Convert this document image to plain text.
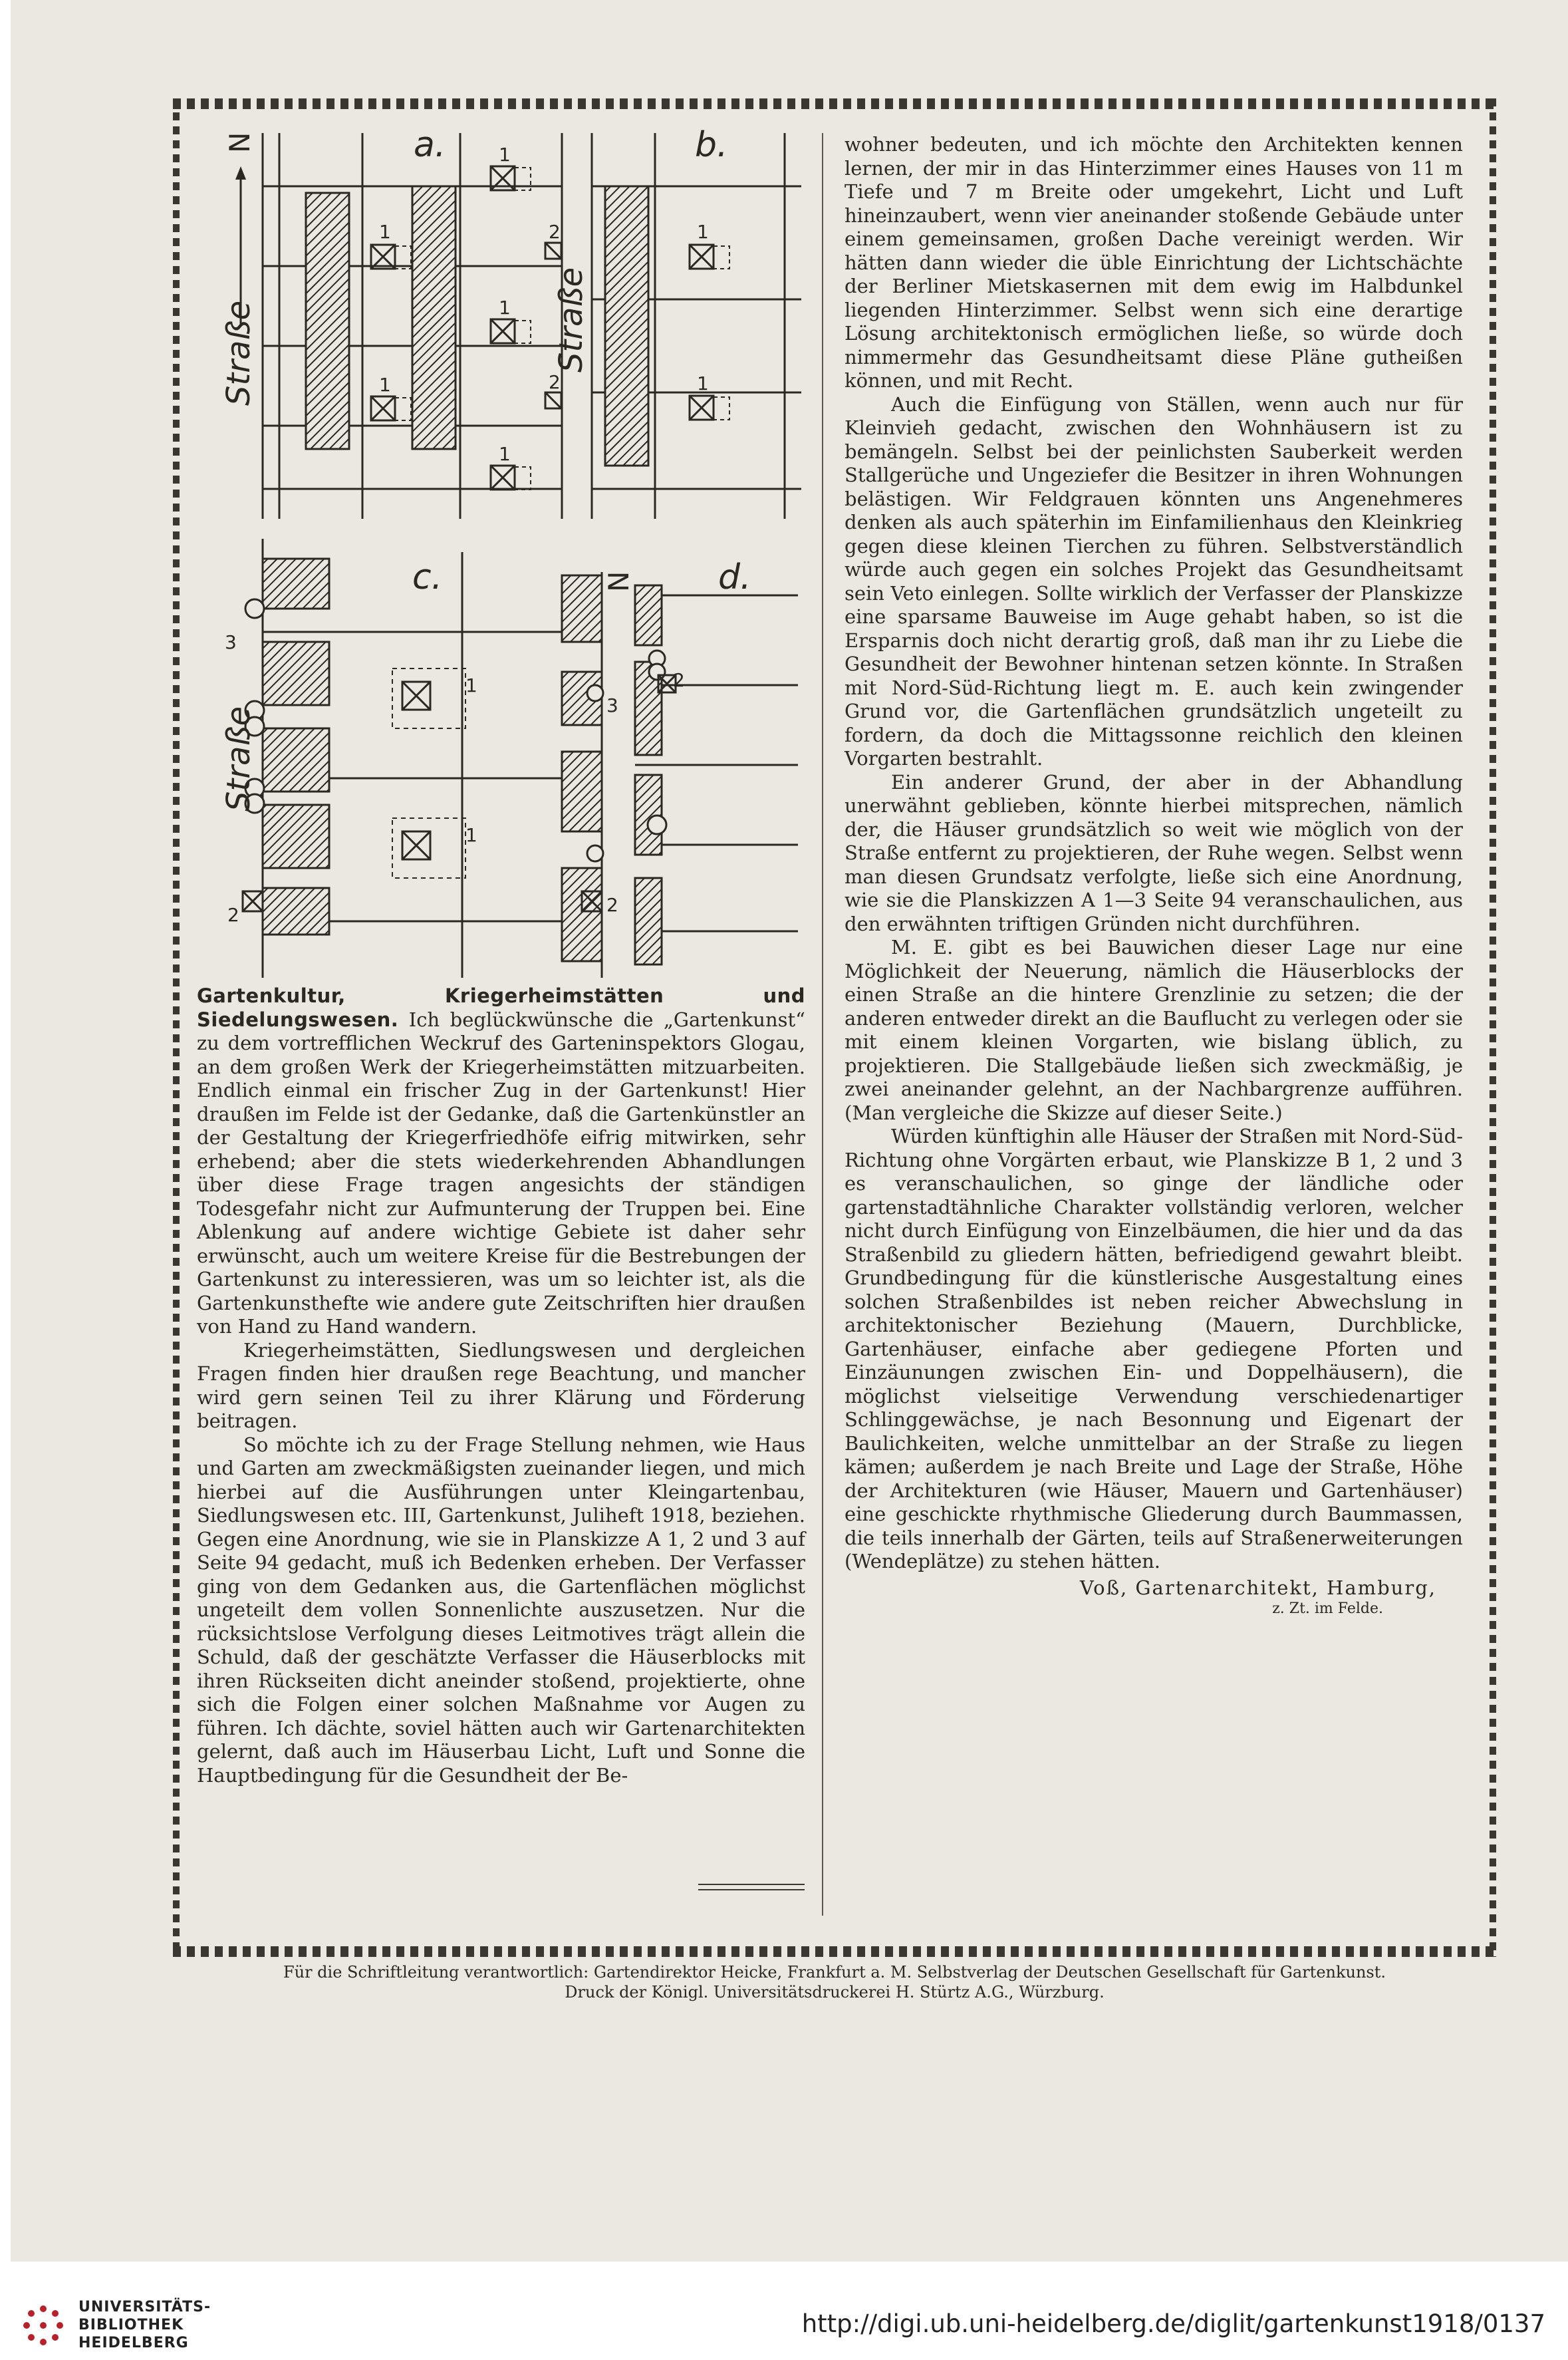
a.	b.
1
1
1
1
1
1
1
2
2
Straße	Straße
N
c.	d.
1
1
2	2
2
3
3
Straße
N

Gartenkultur, Kriegerheimstätten und Siedelungswesen. Ich beglückwünsche die „Gartenkunst“ zu dem vortrefflichen Weckruf des Garteninspektors Glogau, an dem großen Werk der Kriegerheimstätten mitzuarbeiten. Endlich einmal ein frischer Zug in der Gartenkunst! Hier draußen im Felde ist der Gedanke, daß die Gartenkünstler an der Gestaltung der Kriegerfriedhöfe eifrig mitwirken, sehr erhebend; aber die stets wiederkehrenden Abhandlungen über diese Frage tragen angesichts der ständigen Todesgefahr nicht zur Aufmunterung der Truppen bei. Eine Ablenkung auf andere wichtige Gebiete ist daher sehr erwünscht, auch um weitere Kreise für die Bestrebungen der Gartenkunst zu interessieren, was um so leichter ist, als die Gartenkunsthefte wie andere gute Zeitschriften hier draußen von Hand zu Hand wandern.

Kriegerheimstätten, Siedlungswesen und dergleichen Fragen finden hier draußen rege Beachtung, und mancher wird gern seinen Teil zu ihrer Klärung und Förderung beitragen.

So möchte ich zu der Frage Stellung nehmen, wie Haus und Garten am zweckmäßigsten zueinander liegen, und mich hierbei auf die Ausführungen unter Kleingartenbau, Siedlungswesen etc. III, Gartenkunst, Juliheft 1918, beziehen. Gegen eine Anordnung, wie sie in Planskizze A 1, 2 und 3 auf Seite 94 gedacht, muß ich Bedenken erheben. Der Verfasser ging von dem Gedanken aus, die Gartenflächen möglichst ungeteilt dem vollen Sonnenlichte auszusetzen. Nur die rücksichtslose Verfolgung dieses Leitmotives trägt allein die Schuld, daß der geschätzte Verfasser die Häuserblocks mit ihren Rückseiten dicht aneinder stoßend, projektierte, ohne sich die Folgen einer solchen Maßnahme vor Augen zu führen. Ich dächte, soviel hätten auch wir Gartenarchitekten gelernt, daß auch im Häuserbau Licht, Luft und Sonne die Hauptbedingung für die Gesundheit der Be-

wohner bedeuten, und ich möchte den Architekten kennen lernen, der mir in das Hinterzimmer eines Hauses von 11 m Tiefe und 7 m Breite oder umgekehrt, Licht und Luft hineinzaubert, wenn vier aneinander stoßende Gebäude unter einem gemeinsamen, großen Dache vereinigt werden. Wir hätten dann wieder die üble Einrichtung der Lichtschächte der Berliner Mietskasernen mit dem ewig im Halbdunkel liegenden Hinterzimmer. Selbst wenn sich eine derartige Lösung architektonisch ermöglichen ließe, so würde doch nimmermehr das Gesundheitsamt diese Pläne gutheißen können, und mit Recht.

Auch die Einfügung von Ställen, wenn auch nur für Kleinvieh gedacht, zwischen den Wohnhäusern ist zu bemängeln. Selbst bei der peinlichsten Sauberkeit werden Stallgerüche und Ungeziefer die Besitzer in ihren Wohnungen belästigen. Wir Feldgrauen könnten uns Angenehmeres denken als auch späterhin im Einfamilienhaus den Kleinkrieg gegen diese kleinen Tierchen zu führen. Selbstverständlich würde auch gegen ein solches Projekt das Gesundheitsamt sein Veto einlegen. Sollte wirklich der Verfasser der Planskizze eine sparsame Bauweise im Auge gehabt haben, so ist die Ersparnis doch nicht derartig groß, daß man ihr zu Liebe die Gesundheit der Bewohner hintenan setzen könnte. In Straßen mit Nord-Süd-Richtung liegt m. E. auch kein zwingender Grund vor, die Gartenflächen grundsätzlich ungeteilt zu fordern, da doch die Mittagssonne reichlich den kleinen Vorgarten bestrahlt.

Ein anderer Grund, der aber in der Abhandlung unerwähnt geblieben, könnte hierbei mitsprechen, nämlich der, die Häuser grundsätzlich so weit wie möglich von der Straße entfernt zu projektieren, der Ruhe wegen. Selbst wenn man diesen Grundsatz verfolgte, ließe sich eine Anordnung, wie sie die Planskizzen A 1—3 Seite 94 veranschaulichen, aus den erwähnten triftigen Gründen nicht durchführen.

M. E. gibt es bei Bauwichen dieser Lage nur eine Möglichkeit der Neuerung, nämlich die Häuserblocks der einen Straße an die hintere Grenzlinie zu setzen; die der anderen entweder direkt an die Bauflucht zu verlegen oder sie mit einem kleinen Vorgarten, wie bislang üblich, zu projektieren. Die Stallgebäude ließen sich zweckmäßig, je zwei aneinander gelehnt, an der Nachbargrenze aufführen. (Man vergleiche die Skizze auf dieser Seite.)

Würden künftighin alle Häuser der Straßen mit Nord-Süd-Richtung ohne Vorgärten erbaut, wie Planskizze B 1, 2 und 3 es veranschaulichen, so ginge der ländliche oder gartenstadtähnliche Charakter vollständig verloren, welcher nicht durch Einfügung von Einzelbäumen, die hier und da das Straßenbild zu gliedern hätten, befriedigend gewahrt bleibt. Grundbedingung für die künstlerische Ausgestaltung eines solchen Straßenbildes ist neben reicher Abwechslung in architektonischer Beziehung (Mauern, Durchblicke, Gartenhäuser, einfache aber gediegene Pforten und Einzäunungen zwischen Ein- und Doppelhäusern), die möglichst vielseitige Verwendung verschiedenartiger Schlinggewächse, je nach Besonnung und Eigenart der Baulichkeiten, welche unmittelbar an der Straße zu liegen kämen; außerdem je nach Breite und Lage der Straße, Höhe der Architekturen (wie Häuser, Mauern und Gartenhäuser) eine geschickte rhythmische Gliederung durch Baummassen, die teils innerhalb der Gärten, teils auf Straßenerweiterungen (Wendeplätze) zu stehen hätten.

Voß, Gartenarchitekt, Hamburg,

z. Zt. im Felde.

Für die Schriftleitung verantwortlich: Gartendirektor Heicke, Frankfurt a. M. Selbstverlag der Deutschen Gesellschaft für Gartenkunst.
Druck der Königl. Universitätsdruckerei H. Stürtz A.G., Würzburg.
UNIVERSITÄTS-
BIBLIOTHEK
HEIDELBERG
http://digi.ub.uni-heidelberg.de/diglit/gartenkunst1918/0137
